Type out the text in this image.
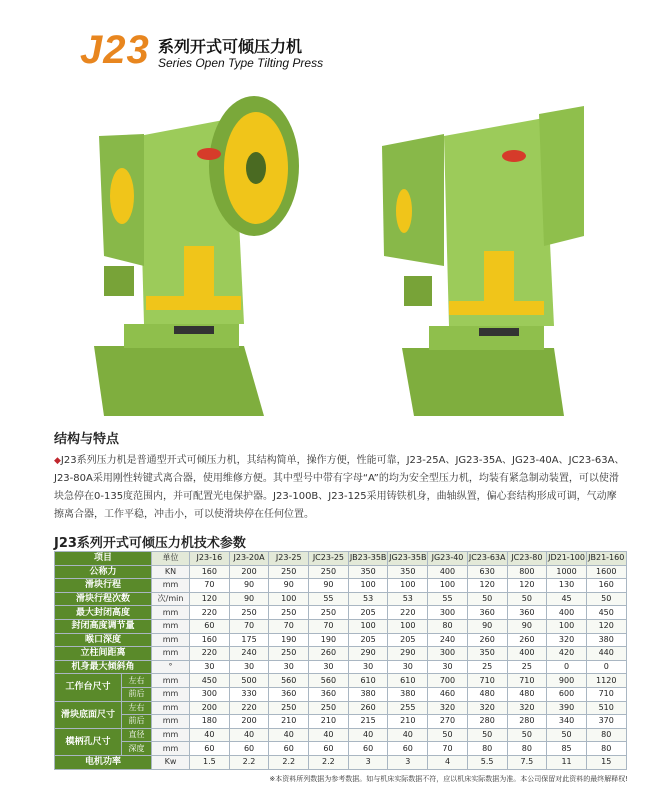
J23 系列开式可倾压力机
Series Open Type Tilting Press
结构与特点

◆J23系列压力机是普通型开式可倾压力机，其结构简单，操作方便，性能可靠，J23-25A、JG23-35A、JG23-40A、JC23-63A、J23-80A采用刚性转键式离合器，使用维修方便。其中型号中带有字母“A”的均为安全型压力机，均装有紧急制动装置，可以使滑块急停在0-135度范围内，并可配置光电保护器。J23-100B、J23-125采用铸铁机身，曲轴纵置，偏心套结构形成可调，气动摩擦离合器，工作平稳，冲击小，可以使滑块停在任何位置。

J23系列开式可倾压力机技术参数
项目		单位	J23-16	J23-20A	J23-25	JC23-25	JB23-35B	JG23-35B	JG23-40	JC23-63A	JC23-80	JD21-100	JB21-160
公称力		KN	160	200	250	250	350	350	400	630	800	1000	1600
滑块行程		mm	70	90	90	90	100	100	100	120	120	130	160
滑块行程次数		次/min	120	90	100	55	53	53	55	50	50	45	50
最大封闭高度		mm	220	250	250	250	205	220	300	360	360	400	450
封闭高度调节量		mm	60	70	70	70	100	100	80	90	90	100	120
喉口深度		mm	160	175	190	190	205	205	240	260	260	320	380
立柱间距离		mm	220	240	250	260	290	290	300	350	400	420	440
机身最大倾斜角		°	30	30	30	30	30	30	30	25	25	0	0
工作台尺寸	左右	mm	450	500	560	560	610	610	700	710	710	900	1120
	前后	mm	300	330	360	360	380	380	460	480	480	600	710
滑块底面尺寸	左右	mm	200	220	250	250	260	255	320	320	320	390	510
	前后	mm	180	200	210	210	215	210	270	280	280	340	370
模柄孔尺寸	直径	mm	40	40	40	40	40	40	50	50	50	50	80
	深度	mm	60	60	60	60	60	60	70	80	80	85	80
电机功率		Kw	1.5	2.2	2.2	2.2	3	3	4	5.5	7.5	11	15
※本资料所列数据为参考数据。如与机床实际数据不符，应以机床实际数据为准。本公司保留对此资料的最终解释权!
